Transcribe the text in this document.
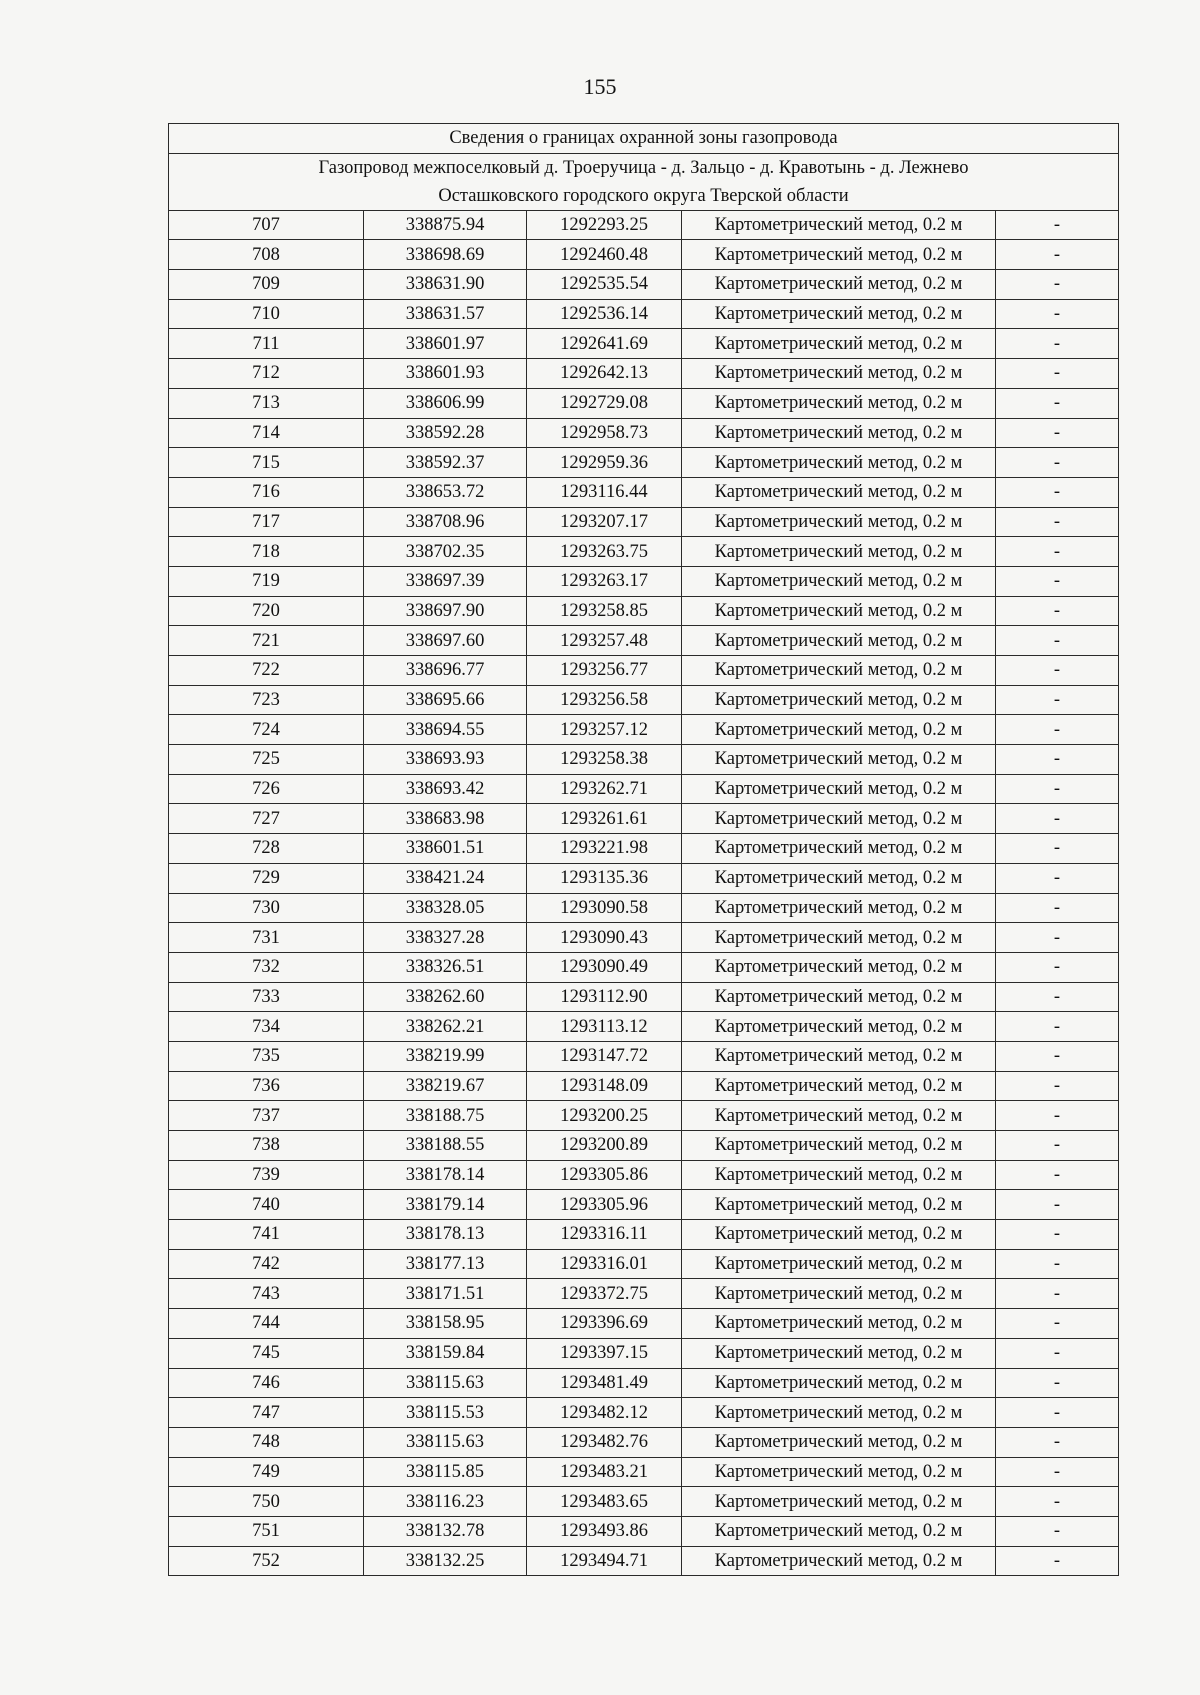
155
Сведения о границах охранной зоны газопровода				

Газопровод межпоселковый д. Троеручица - д. Зальцо - д. Кравотынь - д. Лежнево
Осташковского городского округа Тверской области				

707	338875.94	1292293.25	Картометрический метод, 0.2 м	-
708	338698.69	1292460.48	Картометрический метод, 0.2 м	-
709	338631.90	1292535.54	Картометрический метод, 0.2 м	-
710	338631.57	1292536.14	Картометрический метод, 0.2 м	-
711	338601.97	1292641.69	Картометрический метод, 0.2 м	-
712	338601.93	1292642.13	Картометрический метод, 0.2 м	-
713	338606.99	1292729.08	Картометрический метод, 0.2 м	-
714	338592.28	1292958.73	Картометрический метод, 0.2 м	-
715	338592.37	1292959.36	Картометрический метод, 0.2 м	-
716	338653.72	1293116.44	Картометрический метод, 0.2 м	-
717	338708.96	1293207.17	Картометрический метод, 0.2 м	-
718	338702.35	1293263.75	Картометрический метод, 0.2 м	-
719	338697.39	1293263.17	Картометрический метод, 0.2 м	-
720	338697.90	1293258.85	Картометрический метод, 0.2 м	-
721	338697.60	1293257.48	Картометрический метод, 0.2 м	-
722	338696.77	1293256.77	Картометрический метод, 0.2 м	-
723	338695.66	1293256.58	Картометрический метод, 0.2 м	-
724	338694.55	1293257.12	Картометрический метод, 0.2 м	-
725	338693.93	1293258.38	Картометрический метод, 0.2 м	-
726	338693.42	1293262.71	Картометрический метод, 0.2 м	-
727	338683.98	1293261.61	Картометрический метод, 0.2 м	-
728	338601.51	1293221.98	Картометрический метод, 0.2 м	-
729	338421.24	1293135.36	Картометрический метод, 0.2 м	-
730	338328.05	1293090.58	Картометрический метод, 0.2 м	-
731	338327.28	1293090.43	Картометрический метод, 0.2 м	-
732	338326.51	1293090.49	Картометрический метод, 0.2 м	-
733	338262.60	1293112.90	Картометрический метод, 0.2 м	-
734	338262.21	1293113.12	Картометрический метод, 0.2 м	-
735	338219.99	1293147.72	Картометрический метод, 0.2 м	-
736	338219.67	1293148.09	Картометрический метод, 0.2 м	-
737	338188.75	1293200.25	Картометрический метод, 0.2 м	-
738	338188.55	1293200.89	Картометрический метод, 0.2 м	-
739	338178.14	1293305.86	Картометрический метод, 0.2 м	-
740	338179.14	1293305.96	Картометрический метод, 0.2 м	-
741	338178.13	1293316.11	Картометрический метод, 0.2 м	-
742	338177.13	1293316.01	Картометрический метод, 0.2 м	-
743	338171.51	1293372.75	Картометрический метод, 0.2 м	-
744	338158.95	1293396.69	Картометрический метод, 0.2 м	-
745	338159.84	1293397.15	Картометрический метод, 0.2 м	-
746	338115.63	1293481.49	Картометрический метод, 0.2 м	-
747	338115.53	1293482.12	Картометрический метод, 0.2 м	-
748	338115.63	1293482.76	Картометрический метод, 0.2 м	-
749	338115.85	1293483.21	Картометрический метод, 0.2 м	-
750	338116.23	1293483.65	Картометрический метод, 0.2 м	-
751	338132.78	1293493.86	Картометрический метод, 0.2 м	-
752	338132.25	1293494.71	Картометрический метод, 0.2 м	-
